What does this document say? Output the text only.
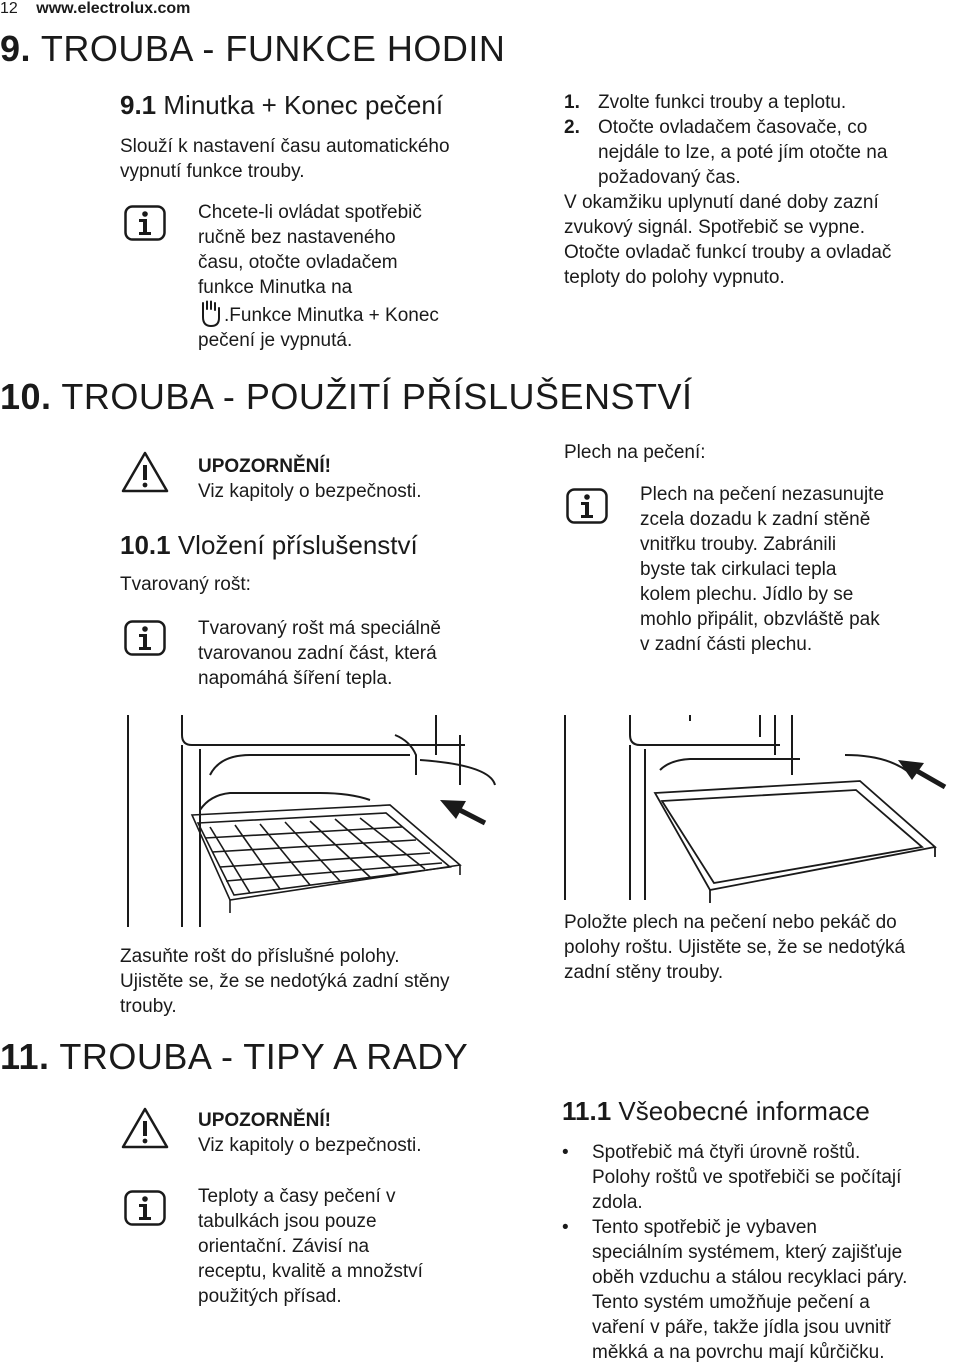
12 www.electrolux.com
9. TROUBA - FUNKCE HODIN
9.1 Minutka + Konec pečení
Slouží k nastavení času automatického
vypnutí funkce trouby.
Chcete-li ovládat spotřebič
ručně bez nastaveného
času, otočte ovladačem
funkce Minutka na
.Funkce Minutka + Konec
pečení je vypnutá.
1. Zvolte funkci trouby a teplotu.
2. Otočte ovladačem časovače, co
nejdále to lze, a poté jím otočte na
požadovaný čas.
V okamžiku uplynutí dané doby zazní
zvukový signál. Spotřebič se vypne.
Otočte ovladač funkcí trouby a ovladač
teploty do polohy vypnuto.
10. TROUBA - POUŽITÍ PŘÍSLUŠENSTVÍ
UPOZORNĚNÍ!
Viz kapitoly o bezpečnosti.
10.1 Vložení příslušenství
Tvarovaný rošt:
Tvarovaný rošt má speciálně
tvarovanou zadní část, která
napomáhá šíření tepla.
Plech na pečení:
Plech na pečení nezasunujte
zcela dozadu k zadní stěně
vnitřku trouby. Zabránili
byste tak cirkulaci tepla
kolem plechu. Jídlo by se
mohlo připálit, obzvláště pak
v zadní části plechu.
Zasuňte rošt do příslušné polohy.
Ujistěte se, že se nedotýká zadní stěny
trouby.
Položte plech na pečení nebo pekáč do
polohy roštu. Ujistěte se, že se nedotýká
zadní stěny trouby.
11. TROUBA - TIPY A RADY
UPOZORNĚNÍ!
Viz kapitoly o bezpečnosti.
Teploty a časy pečení v
tabulkách jsou pouze
orientační. Závisí na
receptu, kvalitě a množství
použitých přísad.
11.1 Všeobecné informace
•	Spotřebič má čtyři úrovně roštů.
Polohy roštů ve spotřebiči se počítají
zdola.
•	Tento spotřebič je vybaven
speciálním systémem, který zajišťuje
oběh vzduchu a stálou recyklaci páry.
Tento systém umožňuje pečení a
vaření v páře, takže jídla jsou uvnitř
měkká a na povrchu mají kůrčičku.
